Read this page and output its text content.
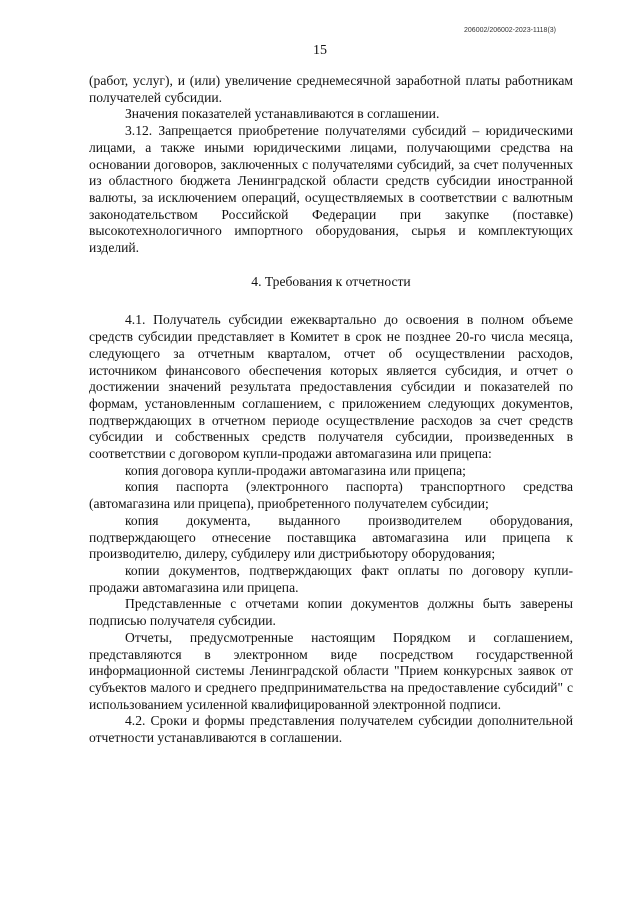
206002/206002-2023-1118(3)
15

(работ, услуг), и (или) увеличение среднемесячной заработной платы работникам получателей субсидии.

Значения показателей устанавливаются в соглашении.

3.12. Запрещается приобретение получателями субсидий – юридическими лицами, а также иными юридическими лицами, получающими средства на основании договоров, заключенных с получателями субсидий, за счет полученных из областного бюджета Ленинградской области средств субсидии иностранной валюты, за исключением операций, осуществляемых в соответствии с валютным законодательством Российской Федерации при закупке (поставке) высокотехнологичного импортного оборудования, сырья и комплектующих изделий.

4. Требования к отчетности

4.1. Получатель субсидии ежеквартально до освоения в полном объеме средств субсидии представляет в Комитет в срок не позднее 20-го числа месяца, следующего за отчетным кварталом, отчет об осуществлении расходов, источником финансового обеспечения которых является субсидия, и отчет о достижении значений результата предоставления субсидии и показателей по формам, установленным соглашением, с приложением следующих документов, подтверждающих в отчетном периоде осуществление расходов за счет средств субсидии и собственных средств получателя субсидии, произведенных в соответствии с договором купли-продажи автомагазина или прицепа:

копия договора купли-продажи автомагазина или прицепа;

копия паспорта (электронного паспорта) транспортного средства (автомагазина или прицепа), приобретенного получателем субсидии;

копия документа, выданного производителем оборудования, подтверждающего отнесение поставщика автомагазина или прицепа к производителю, дилеру, субдилеру или дистрибьютору оборудования;

копии документов, подтверждающих факт оплаты по договору купли-продажи автомагазина или прицепа.

Представленные с отчетами копии документов должны быть заверены подписью получателя субсидии.

Отчеты, предусмотренные настоящим Порядком и соглашением, представляются в электронном виде посредством государственной информационной системы Ленинградской области "Прием конкурсных заявок от субъектов малого и среднего предпринимательства на предоставление субсидий" с использованием усиленной квалифицированной электронной подписи.

4.2. Сроки и формы представления получателем субсидии дополнительной отчетности устанавливаются в соглашении.
